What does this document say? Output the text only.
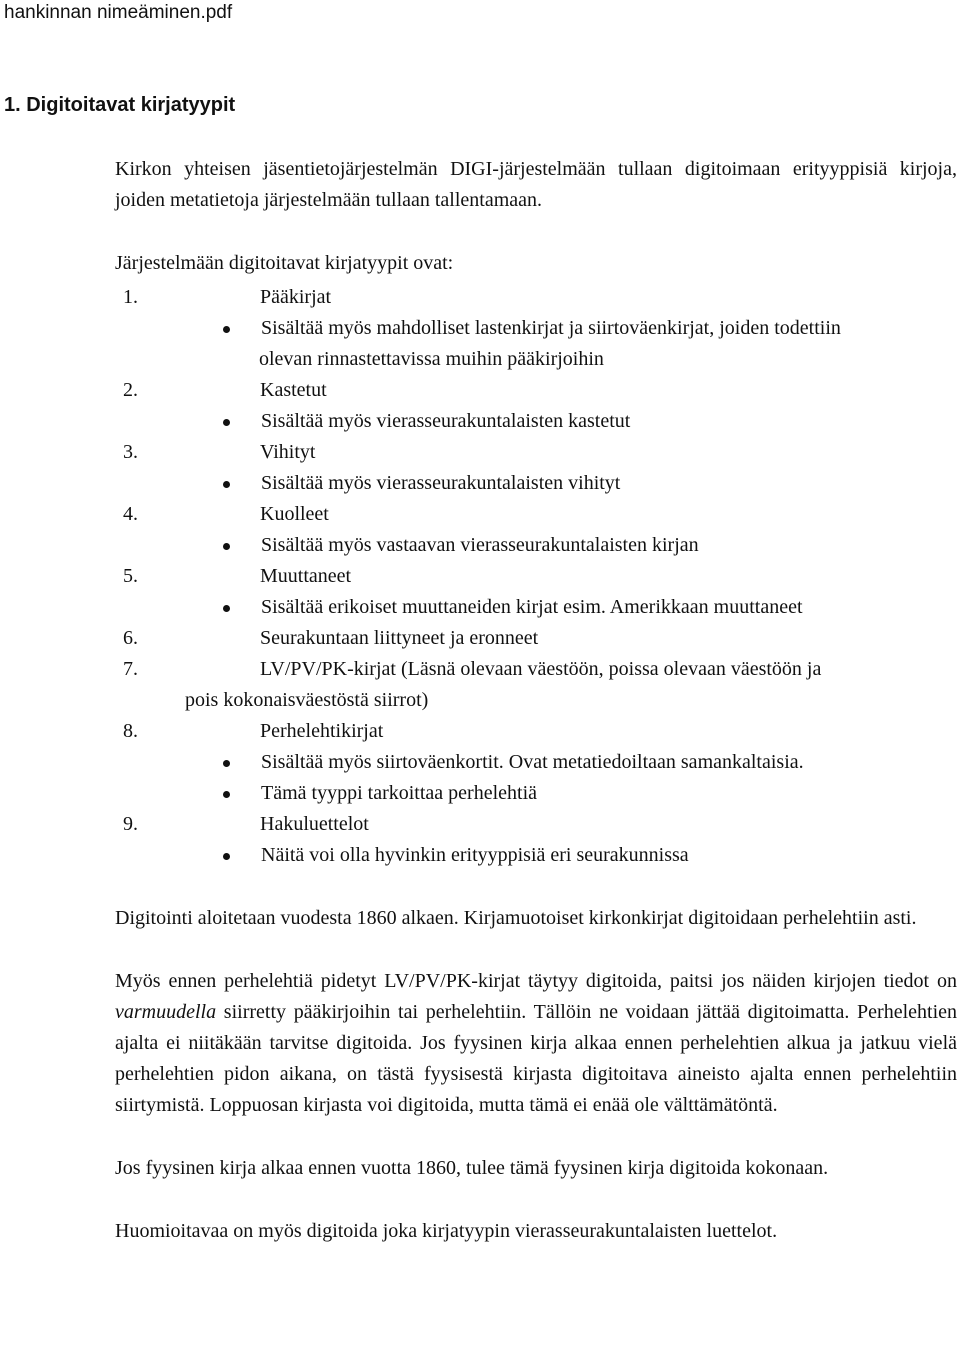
hankinnan nimeäminen.pdf
1. Digitoitavat kirjatyypit

Kirkon yhteisen jäsentietojärjestelmän DIGI-järjestelmään tullaan digitoimaan erityyppisiä kirjoja, joiden metatietoja järjestelmään tullaan tallentamaan.

Järjestelmään digitoitavat kirjatyypit ovat:

1.	Pääkirjat
Sisältää myös mahdolliset lastenkirjat ja siirtoväenkirjat, joiden todettiin
olevan rinnastettavissa muihin pääkirjoihin
2.	Kastetut
Sisältää myös vierasseurakuntalaisten kastetut
3.	Vihityt
Sisältää myös vierasseurakuntalaisten vihityt
4.	Kuolleet
Sisältää myös vastaavan vierasseurakuntalaisten kirjan
5.	Muuttaneet
Sisältää erikoiset muuttaneiden kirjat esim. Amerikkaan muuttaneet
6.	Seurakuntaan liittyneet ja eronneet
7.	LV/PV/PK-kirjat (Läsnä olevaan väestöön, poissa olevaan väestöön ja
pois kokonaisväestöstä siirrot)
8.	Perhelehtikirjat
Sisältää myös siirtoväenkortit. Ovat metatiedoiltaan samankaltaisia.
Tämä tyyppi tarkoittaa perhelehtiä
9.	Hakuluettelot
Näitä voi olla hyvinkin erityyppisiä eri seurakunnissa

Digitointi aloitetaan vuodesta 1860 alkaen. Kirjamuotoiset kirkonkirjat digitoidaan perhelehtiin asti.

Myös ennen perhelehtiä pidetyt LV/PV/PK-kirjat täytyy digitoida, paitsi jos näiden kirjojen tiedot on varmuudella siirretty pääkirjoihin tai perhelehtiin. Tällöin ne voidaan jättää digitoimatta. Perhelehtien ajalta ei niitäkään tarvitse digitoida. Jos fyysinen kirja alkaa ennen perhelehtien alkua ja jatkuu vielä perhelehtien pidon aikana, on tästä fyysisestä kirjasta digitoitava aineisto ajalta ennen perhelehtiin siirtymistä. Loppuosan kirjasta voi digitoida, mutta tämä ei enää ole välttämätöntä.

Jos fyysinen kirja alkaa ennen vuotta 1860, tulee tämä fyysinen kirja digitoida kokonaan.

Huomioitavaa on myös digitoida joka kirjatyypin vierasseurakuntalaisten luettelot.
